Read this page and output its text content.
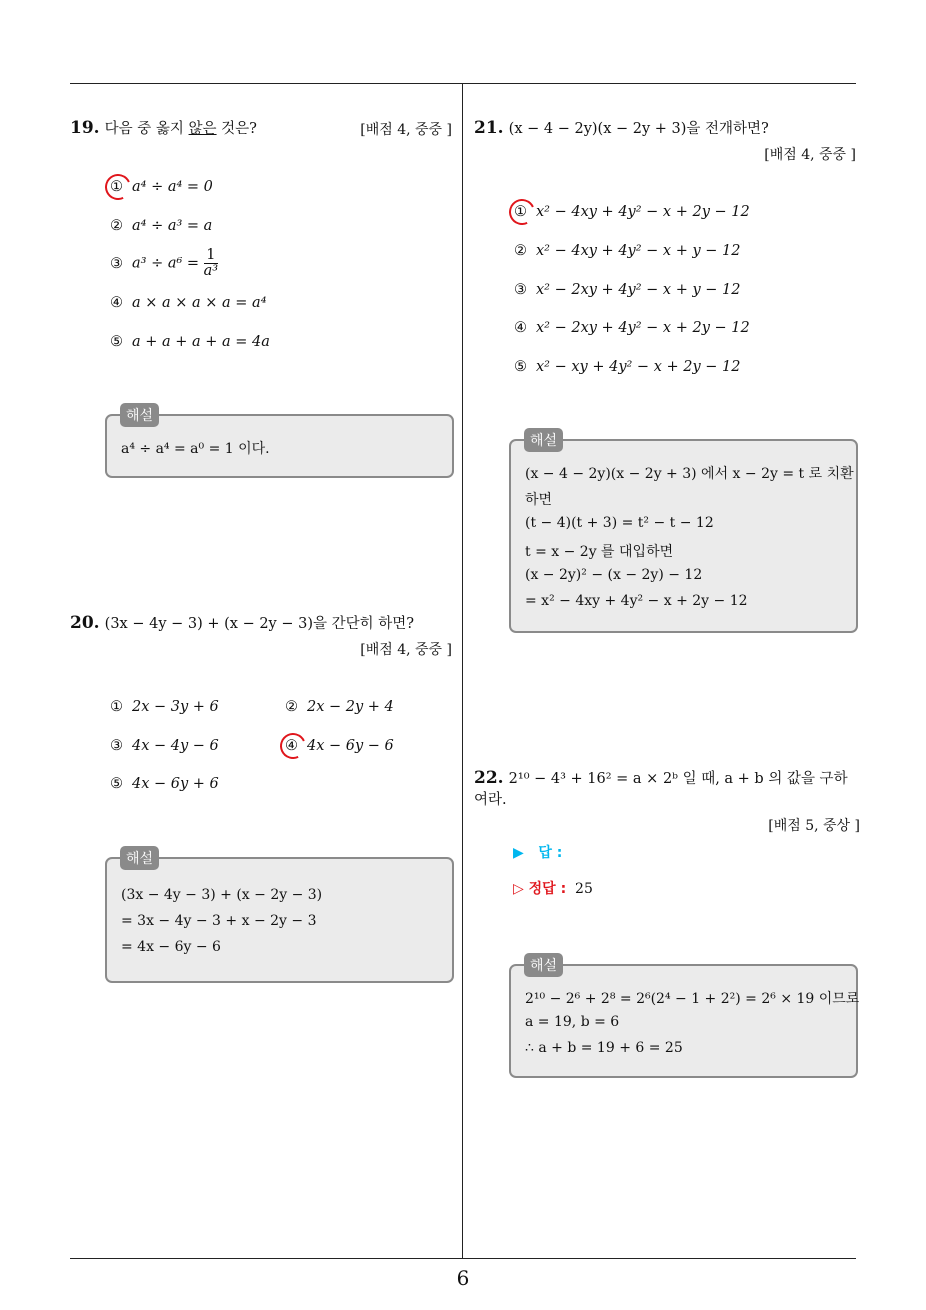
19. 다음 중 옳지 않은 것은?	[배점 4, 중중 ]
① a⁴ ÷ a⁴ = 0
② a⁴ ÷ a³ = a
③ $a^3 \div a^6 = \frac{1}{\text{a³}}$
④ a × a × a × a = a⁴
⑤ a + a + a + a = 4a
a⁴ ÷ a⁴ = a⁰ = 1 이다.
해설
20. (3x − 4y − 3) + (x − 2y − 3)을 간단히 하면?
[배점 4, 중중 ]
① 2x − 3y + 6	② 2x − 2y + 4
③ 4x − 4y − 6	④ 4x − 6y − 6
⑤ 4x − 6y + 6
(3x − 4y − 3) + (x − 2y − 3)
= 3x − 4y − 3 + x − 2y − 3
= 4x − 6y − 6
해설
21. (x − 4 − 2y)(x − 2y + 3)을 전개하면?
[배점 4, 중중 ]
① x² − 4xy + 4y² − x + 2y − 12
② x² − 4xy + 4y² − x + y − 12
③ x² − 2xy + 4y² − x + y − 12
④ x² − 2xy + 4y² − x + 2y − 12
⑤ x² − xy + 4y² − x + 2y − 12
(x − 4 − 2y)(x − 2y + 3) 에서 x − 2y = t 로 치환
하면
(t − 4)(t + 3) = t² − t − 12
t = x − 2y 를 대입하면
(x − 2y)² − (x − 2y) − 12
= x² − 4xy + 4y² − x + 2y − 12
해설
22. 2¹⁰ − 4³ + 16² = a × 2ᵇ 일 때, a + b 의 값을 구하여라.
[배점 5, 중상 ]
▶   답 :
▷ 정답 : 25
2¹⁰ − 2⁶ + 2⁸ = 2⁶(2⁴ − 1 + 2²) = 2⁶ × 19 이므로
a = 19, b = 6
∴ a + b = 19 + 6 = 25
해설
6
